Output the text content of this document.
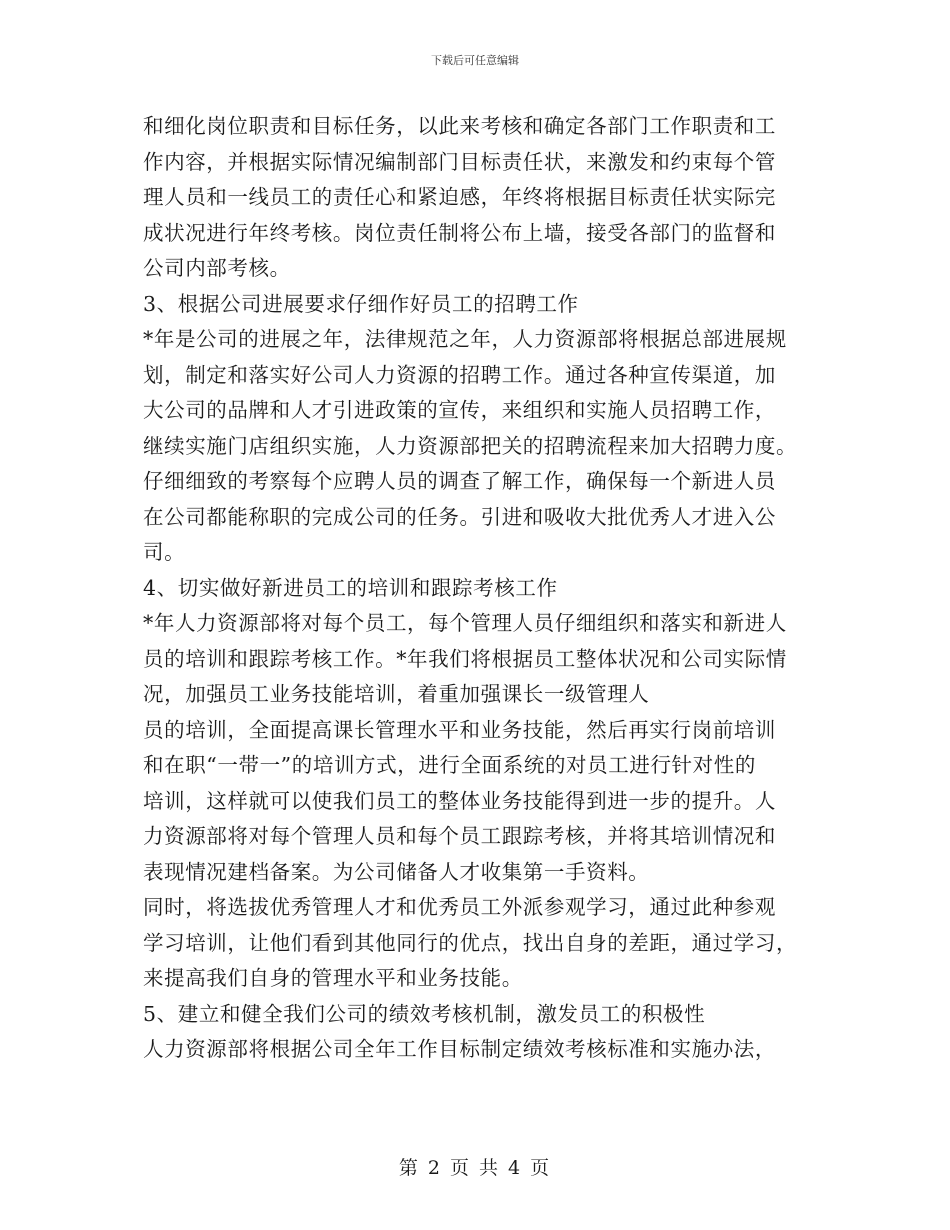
下载后可任意编辑
和细化岗位职责和目标任务，以此来考核和确定各部门工作职责和工
作内容，并根据实际情况编制部门目标责任状，来激发和约束每个管
理人员和一线员工的责任心和紧迫感，年终将根据目标责任状实际完
成状况进行年终考核。岗位责任制将公布上墙，接受各部门的监督和
公司内部考核。
3、根据公司进展要求仔细作好员工的招聘工作
*年是公司的进展之年，法律规范之年，人力资源部将根据总部进展规
划，制定和落实好公司人力资源的招聘工作。通过各种宣传渠道，加
大公司的品牌和人才引进政策的宣传，来组织和实施人员招聘工作，
继续实施门店组织实施，人力资源部把关的招聘流程来加大招聘力度。
仔细细致的考察每个应聘人员的调查了解工作，确保每一个新进人员
在公司都能称职的完成公司的任务。引进和吸收大批优秀人才进入公
司。
4、切实做好新进员工的培训和跟踪考核工作
*年人力资源部将对每个员工，每个管理人员仔细组织和落实和新进人
员的培训和跟踪考核工作。*年我们将根据员工整体状况和公司实际情
况，加强员工业务技能培训，着重加强课长一级管理人
员的培训，全面提高课长管理水平和业务技能，然后再实行岗前培训
和在职“一带一”的培训方式，进行全面系统的对员工进行针对性的
培训，这样就可以使我们员工的整体业务技能得到进一步的提升。人
力资源部将对每个管理人员和每个员工跟踪考核，并将其培训情况和
表现情况建档备案。为公司储备人才收集第一手资料。
同时，将选拔优秀管理人才和优秀员工外派参观学习，通过此种参观
学习培训，让他们看到其他同行的优点，找出自身的差距，通过学习，
来提高我们自身的管理水平和业务技能。
5、建立和健全我们公司的绩效考核机制，激发员工的积极性
人力资源部将根据公司全年工作目标制定绩效考核标准和实施办法，
第 2 页 共 4 页
